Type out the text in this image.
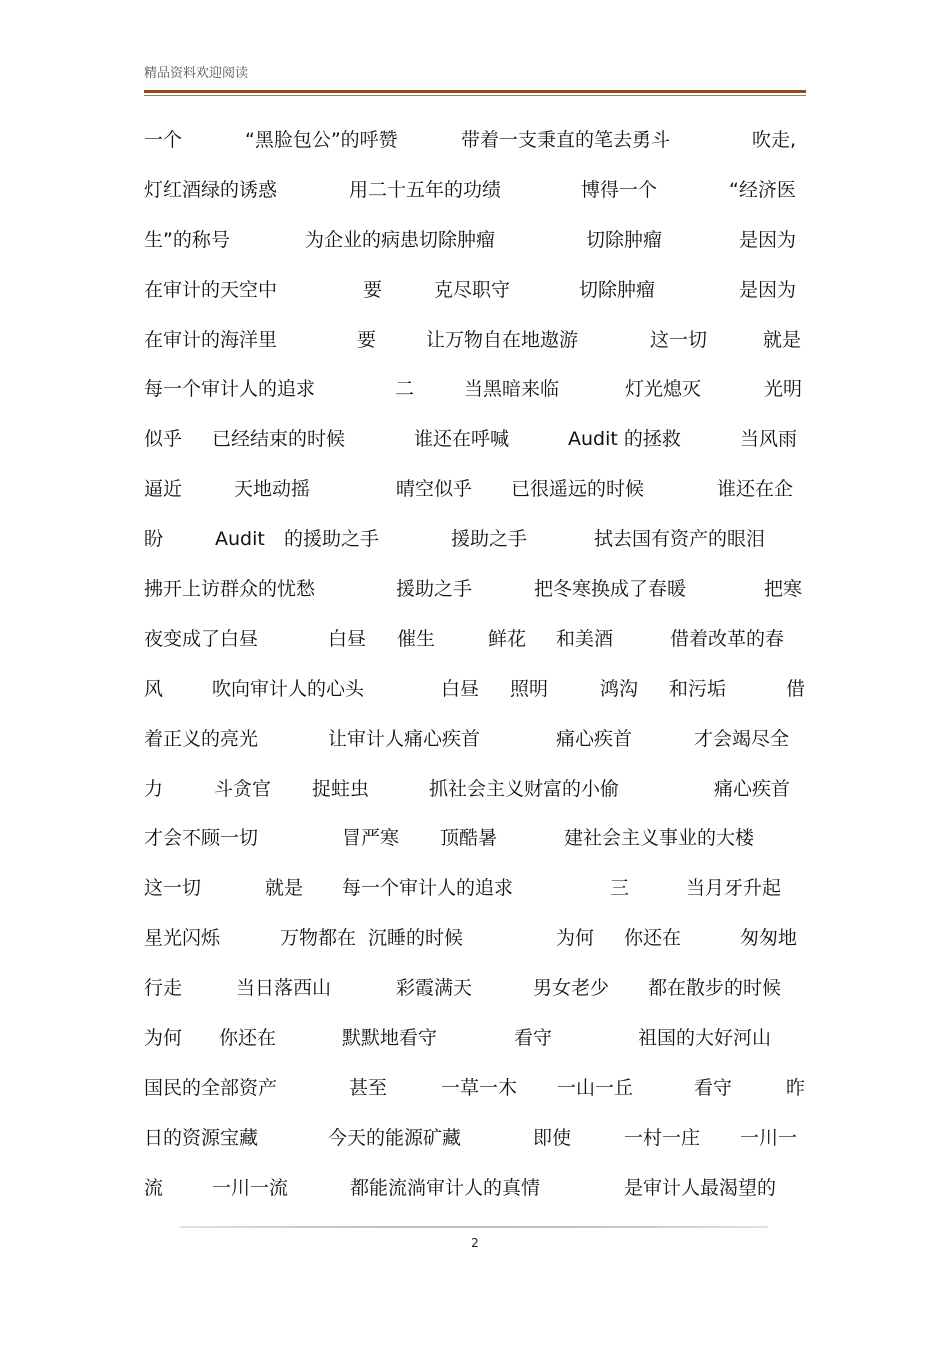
精品资料欢迎阅读
一个	“黑脸包公”的呼赞	带着一支秉直的笔去勇斗	吹走,
灯红酒绿的诱惑	用二十五年的功绩	博得一个	“经济医
生”的称号	为企业的病患切除肿瘤	切除肿瘤	是因为
在审计的天空中	要	克尽职守	切除肿瘤	是因为
在审计的海洋里	要	让万物自在地遨游	这一切	就是
每一个审计人的追求	二	当黑暗来临	灯光熄灭	光明
似乎 已经结束的时候	谁还在呼喊	Audit 的拯救	当风雨
逼近	天地动摇	晴空似乎 已很遥远的时候	谁还在企
盼	Audit 的援助之手	援助之手	拭去国有资产的眼泪
拂开上访群众的忧愁	援助之手	把冬寒换成了春暖	把寒
夜变成了白昼	白昼 催生	鲜花 和美酒	借着改革的春
风	吹向审计人的心头	白昼 照明	鸿沟 和污垢	借
着正义的亮光	让审计人痛心疾首	痛心疾首	才会竭尽全
力	斗贪官 捉蛀虫	抓社会主义财富的小偷	痛心疾首
才会不顾一切	冒严寒 顶酷暑	建社会主义事业的大楼
这一切	就是 每一个审计人的追求	三	当月牙升起
星光闪烁	万物都在 沉睡的时候	为何 你还在	匆匆地
行走	当日落西山	彩霞满天	男女老少 都在散步的时候
为何 你还在	默默地看守	看守	祖国的大好河山
国民的全部资产	甚至	一草一木 一山一丘	看守	昨
日的资源宝藏	今天的能源矿藏	即使	一村一庄 一川一
流	一川一流	都能流淌审计人的真情	是审计人最渴望的
2
